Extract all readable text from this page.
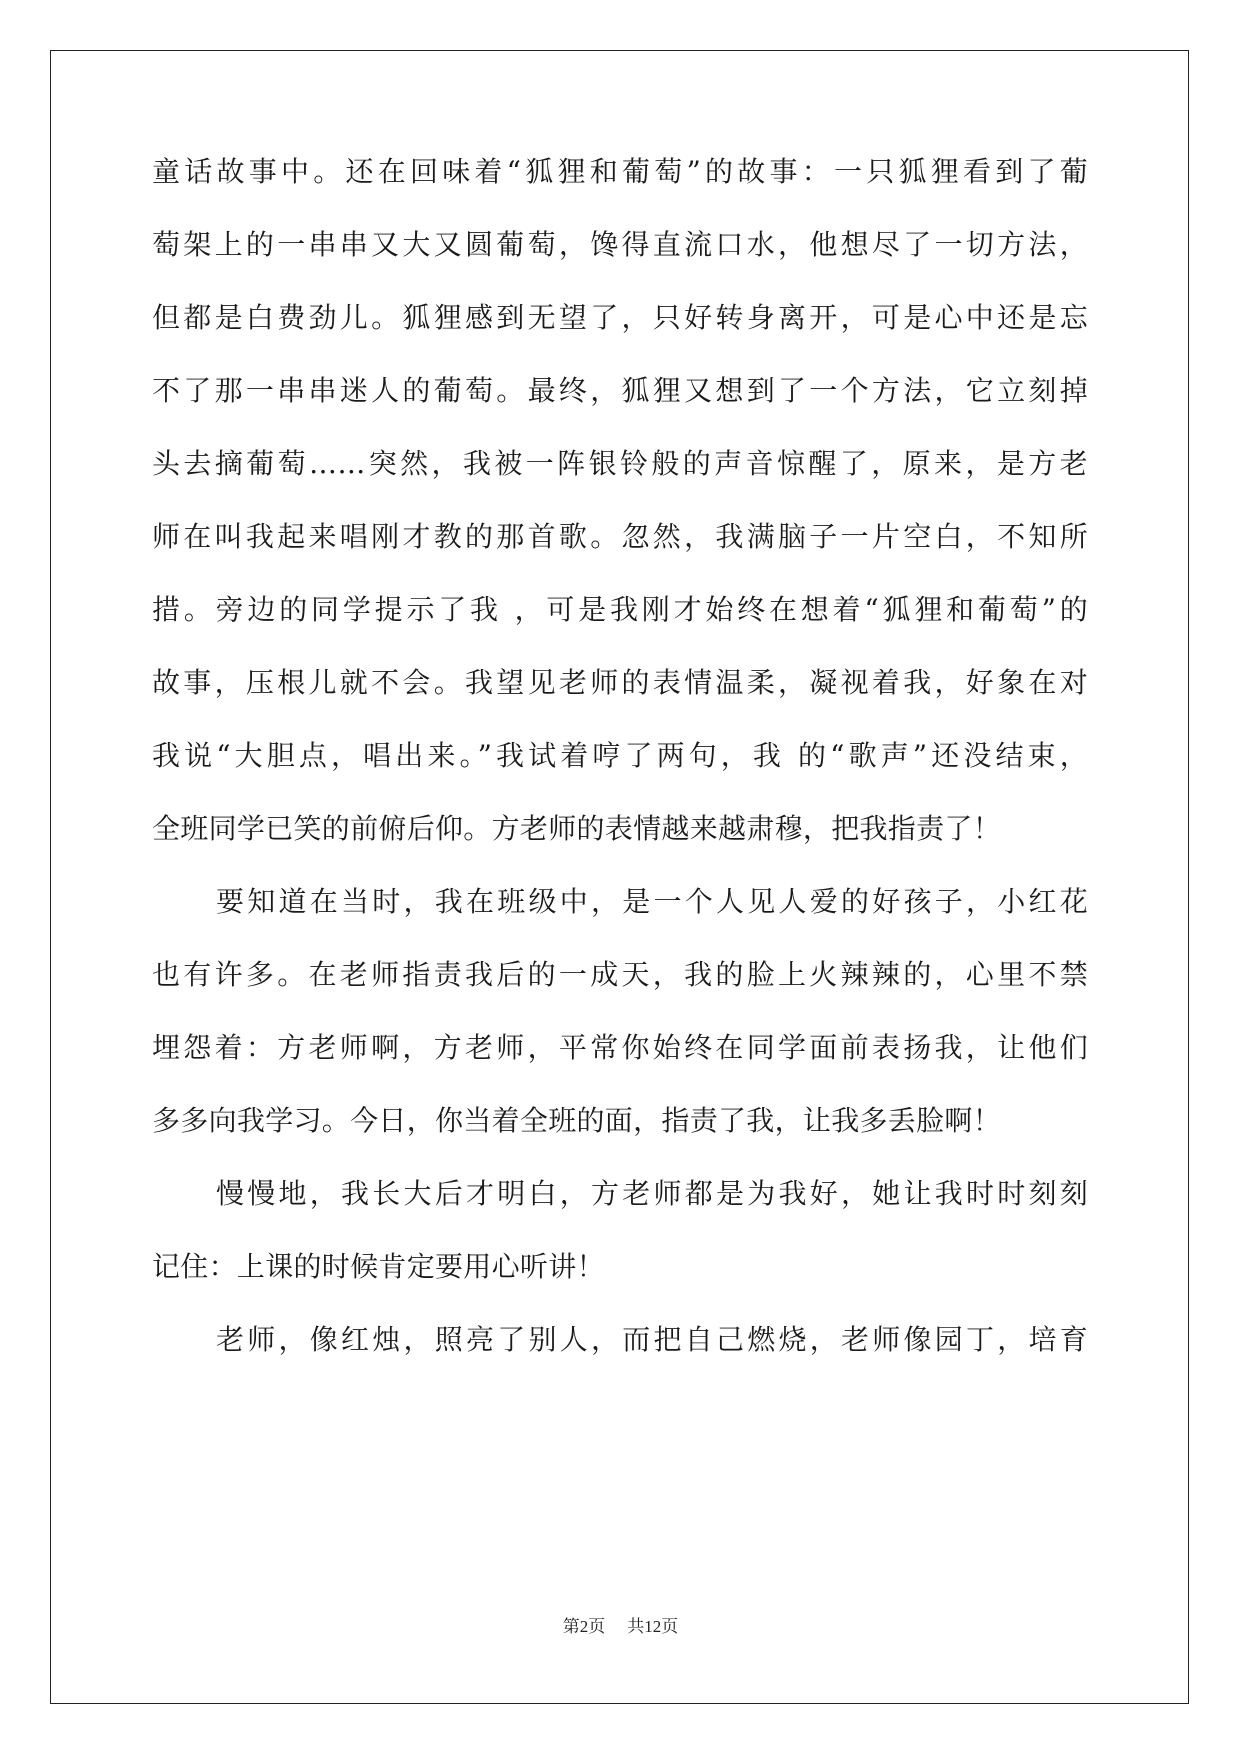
童话故事中。还在回味着“狐狸和葡萄”的故事：一只狐狸看到了葡
萄架上的一串串又大又圆葡萄，馋得直流口水，他想尽了一切方法，
但都是白费劲儿。狐狸感到无望了，只好转身离开，可是心中还是忘
不了那一串串迷人的葡萄。最终，狐狸又想到了一个方法，它立刻掉
头去摘葡萄……突然，我被一阵银铃般的声音惊醒了，原来，是方老
师在叫我起来唱刚才教的那首歌。忽然，我满脑子一片空白，不知所
措。旁边的同学提示了我 ，可是我刚才始终在想着“狐狸和葡萄”的
故事，压根儿就不会。我望见老师的表情温柔，凝视着我，好象在对
我说“大胆点，唱出来。”我试着哼了两句，我 的“歌声”还没结束，
全班同学已笑的前俯后仰。方老师的表情越来越肃穆，把我指责了！
要知道在当时，我在班级中，是一个人见人爱的好孩子，小红花
也有许多。在老师指责我后的一成天，我的脸上火辣辣的，心里不禁
埋怨着：方老师啊，方老师，平常你始终在同学面前表扬我，让他们
多多向我学习。今日，你当着全班的面，指责了我，让我多丢脸啊！
慢慢地，我长大后才明白，方老师都是为我好，她让我时时刻刻
记住：上课的时候肯定要用心听讲！
老师，像红烛，照亮了别人，而把自己燃烧，老师像园丁，培育
第2页 共12页
